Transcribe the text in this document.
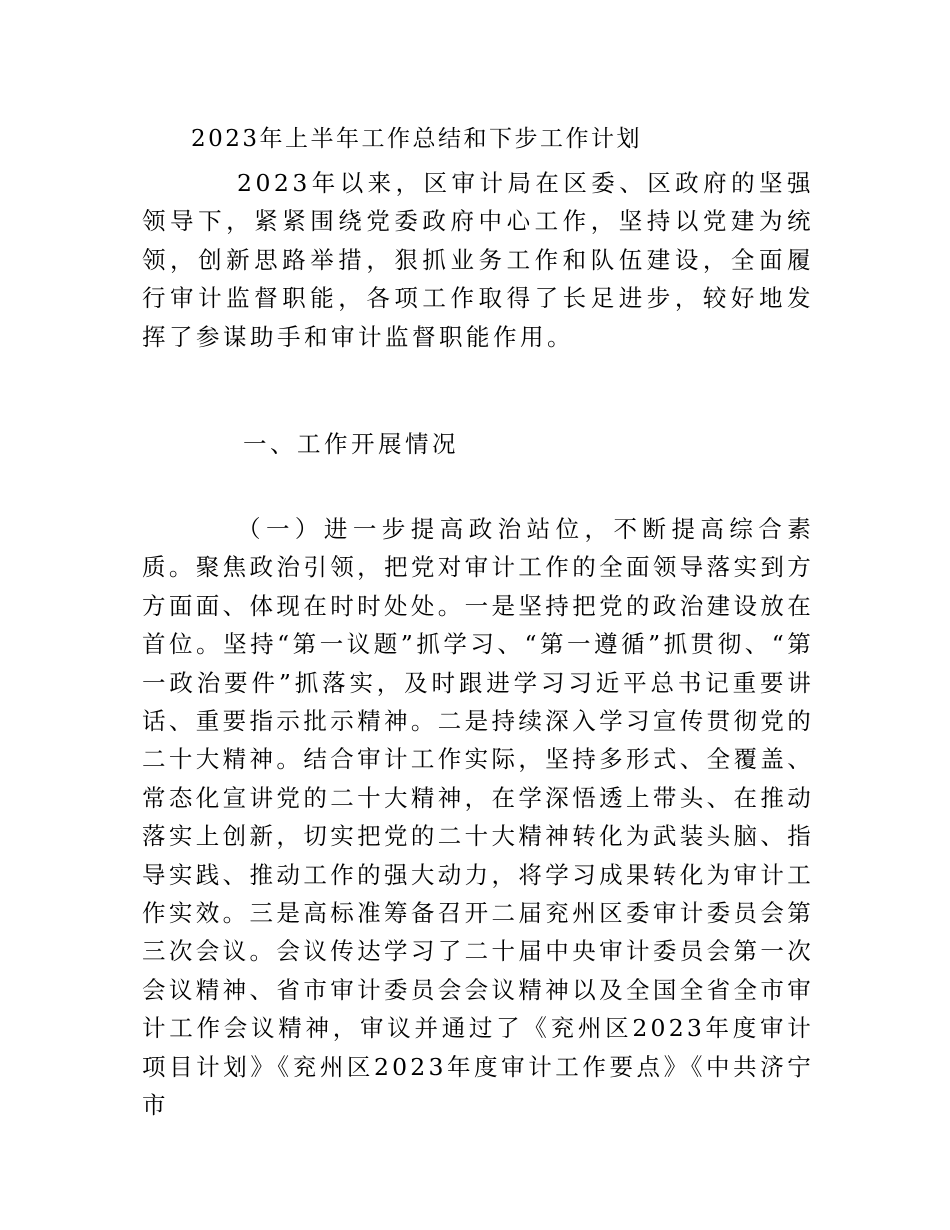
2023年上半年工作总结和下步工作计划

2023年以来，区审计局在区委、区政府的坚强领导下，紧紧围绕党委政府中心工作，坚持以党建为统领，创新思路举措，狠抓业务工作和队伍建设，全面履行审计监督职能，各项工作取得了长足进步，较好地发挥了参谋助手和审计监督职能作用。

一、工作开展情况

（一）进一步提高政治站位，不断提高综合素质。聚焦政治引领，把党对审计工作的全面领导落实到方方面面、体现在时时处处。一是坚持把党的政治建设放在首位。坚持“第一议题”抓学习、“第一遵循”抓贯彻、“第一政治要件”抓落实，及时跟进学习习近平总书记重要讲话、重要指示批示精神。二是持续深入学习宣传贯彻党的二十大精神。结合审计工作实际，坚持多形式、全覆盖、常态化宣讲党的二十大精神，在学深悟透上带头、在推动落实上创新，切实把党的二十大精神转化为武装头脑、指导实践、推动工作的强大动力，将学习成果转化为审计工作实效。三是高标准筹备召开二届兖州区委审计委员会第三次会议。会议传达学习了二十届中央审计委员会第一次会议精神、省市审计委员会会议精神以及全国全省全市审计工作会议精神，审议并通过了《兖州区2023年度审计项目计划》《兖州区2023年度审计工作要点》《中共济宁市
